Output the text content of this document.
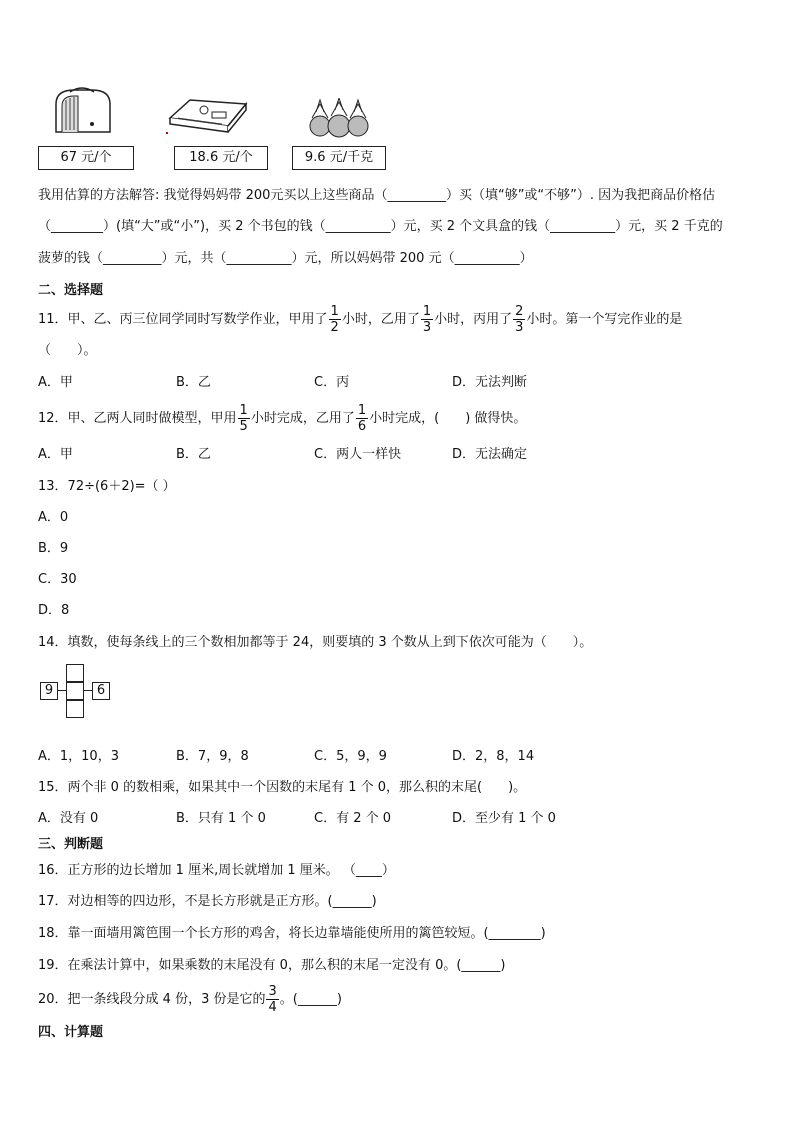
67 元/个	18.6 元/个	9.6 元/千克
我用估算的方法解答: 我觉得妈妈带 200元买以上这些商品（_________）买（填“够”或“不够”）. 因为我把商品价格估
（________）(填“大”或“小”)，买 2 个书包的钱（__________）元，买 2 个文具盒的钱（__________）元，买 2 千克的
菠萝的钱（_________）元，共（__________）元，所以妈妈带 200 元（__________）
二、选择题
11．甲、乙、丙三位同学同时写数学作业，甲用了 $\frac{1}{2}$ 小时，乙用了 $\frac{1}{3}$ 小时，丙用了 $\frac{2}{3}$ 小时。第一个写完作业的是
（　　）。
A．甲	B．乙	C．丙	D．无法判断
12．甲、乙两人同时做模型，甲用 $\frac{1}{5}$ 小时完成，乙用了 $\frac{1}{6}$ 小时完成，(　　) 做得快。
A．甲	B．乙	C．两人一样快	D．无法确定
13．72÷(6＋2)=（ ）
A．0
B．9
C．30
D．8
14．填数，使每条线上的三个数相加都等于 24，则要填的 3 个数从上到下依次可能为（　　）。
9	6
A．1，10，3	B．7，9，8	C．5，9，9	D．2，8，14
15．两个非 0 的数相乘，如果其中一个因数的末尾有 1 个 0，那么积的末尾(　　)。
A．没有 0	B．只有 1 个 0	C．有 2 个 0	D．至少有 1 个 0
三、判断题
16．正方形的边长增加 1 厘米,周长就增加 1 厘米。 （____）
17．对边相等的四边形，不是长方形就是正方形。(______)
18．靠一面墙用篱笆围一个长方形的鸡舍，将长边靠墙能使所用的篱笆较短。(________)
19．在乘法计算中，如果乘数的末尾没有 0，那么积的末尾一定没有 0。(______)
20．把一条线段分成 4 份，3 份是它的 $\frac{3}{4}$ 。(______)
四、计算题
